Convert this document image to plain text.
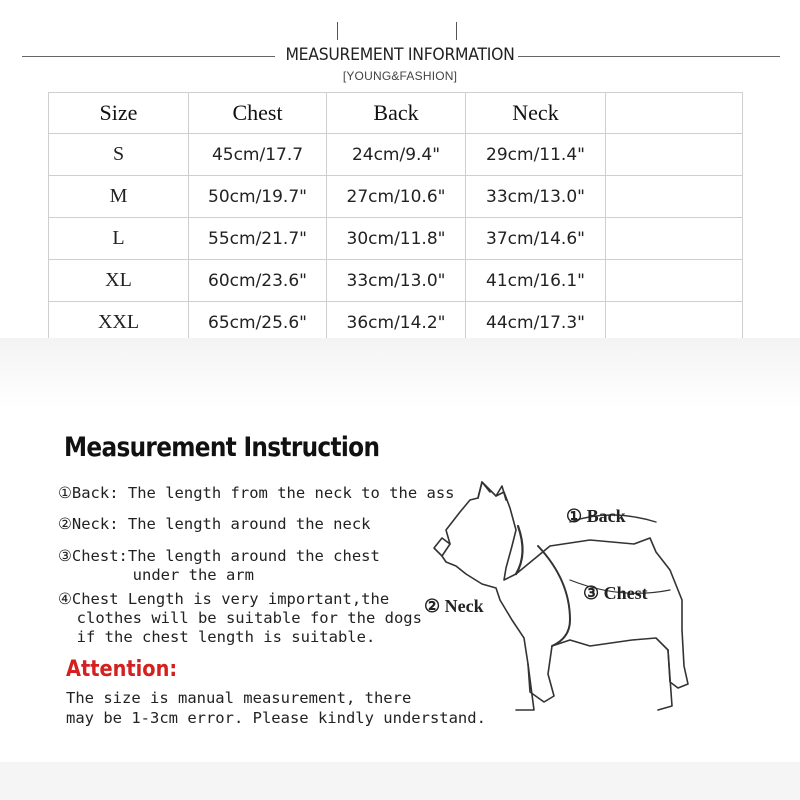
MEASUREMENT INFORMATION
[YOUNG&FASHION]
Size	Chest	Back	Neck	
S	45cm/17.7	24cm/9.4"	29cm/11.4"	
M	50cm/19.7"	27cm/10.6"	33cm/13.0"	
L	55cm/21.7"	30cm/11.8"	37cm/14.6"	
XL	60cm/23.6"	33cm/13.0"	41cm/16.1"	
XXL	65cm/25.6"	36cm/14.2"	44cm/17.3"	
Measurement Instruction
①Back: The length from the neck to the ass
②Neck: The length around the neck
③Chest:The length around the chest
under the arm
④Chest Length is very important,the
clothes will be suitable for the dogs
if the chest length is suitable.
Attention:
The size is manual measurement, there
may be 1-3cm error. Please kindly understand.
① Back
② Neck
③ Chest
